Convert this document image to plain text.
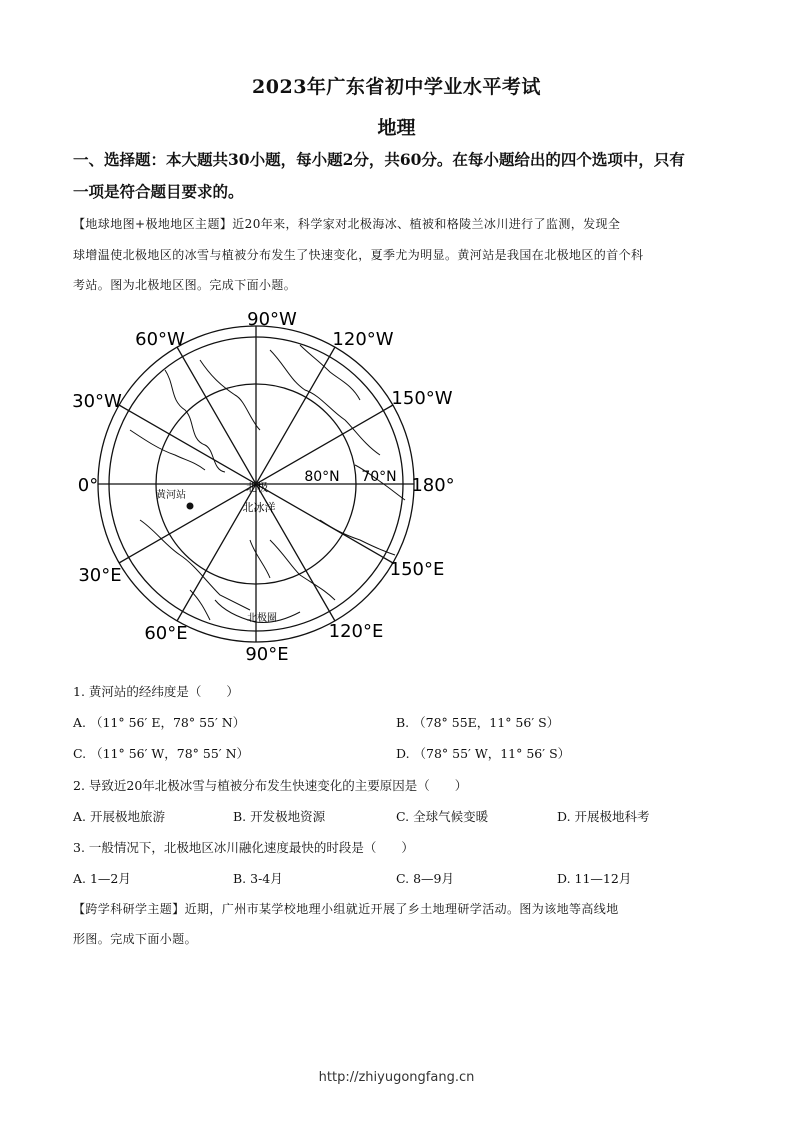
2023年广东省初中学业水平考试
地理
一、选择题：本大题共30小题，每小题2分，共60分。在每小题给出的四个选项中，只有
一项是符合题目要求的。
【地球地图+极地地区主题】近20年来，科学家对北极海冰、植被和格陵兰冰川进行了监测，发现全
球增温使北极地区的冰雪与植被分布发生了快速变化，夏季尤为明显。黄河站是我国在北极地区的首个科
考站。图为北极地区图。完成下面小题。
90°W
60°W	120°W
30°W	150°W
0°	180°
30°E	150°E
60°E	120°E
90°E
80°N 70°N
北极
北冰洋
黄河站
北极圈
1. 黄河站的经纬度是（　　）
A. （11° 56′ E，78° 55′ N）	B. （78° 55E，11° 56′ S）
C. （11° 56′ W，78° 55′ N）	D. （78° 55′ W，11° 56′ S）
2. 导致近20年北极冰雪与植被分布发生快速变化的主要原因是（　　）
A. 开展极地旅游	B. 开发极地资源	C. 全球气候变暖	D. 开展极地科考
3. 一般情况下，北极地区冰川融化速度最快的时段是（　　）
A. 1—2月	B. 3-4月	C. 8—9月	D. 11—12月
【跨学科研学主题】近期，广州市某学校地理小组就近开展了乡土地理研学活动。图为该地等高线地
形图。完成下面小题。
http://zhiyugongfang.cn
